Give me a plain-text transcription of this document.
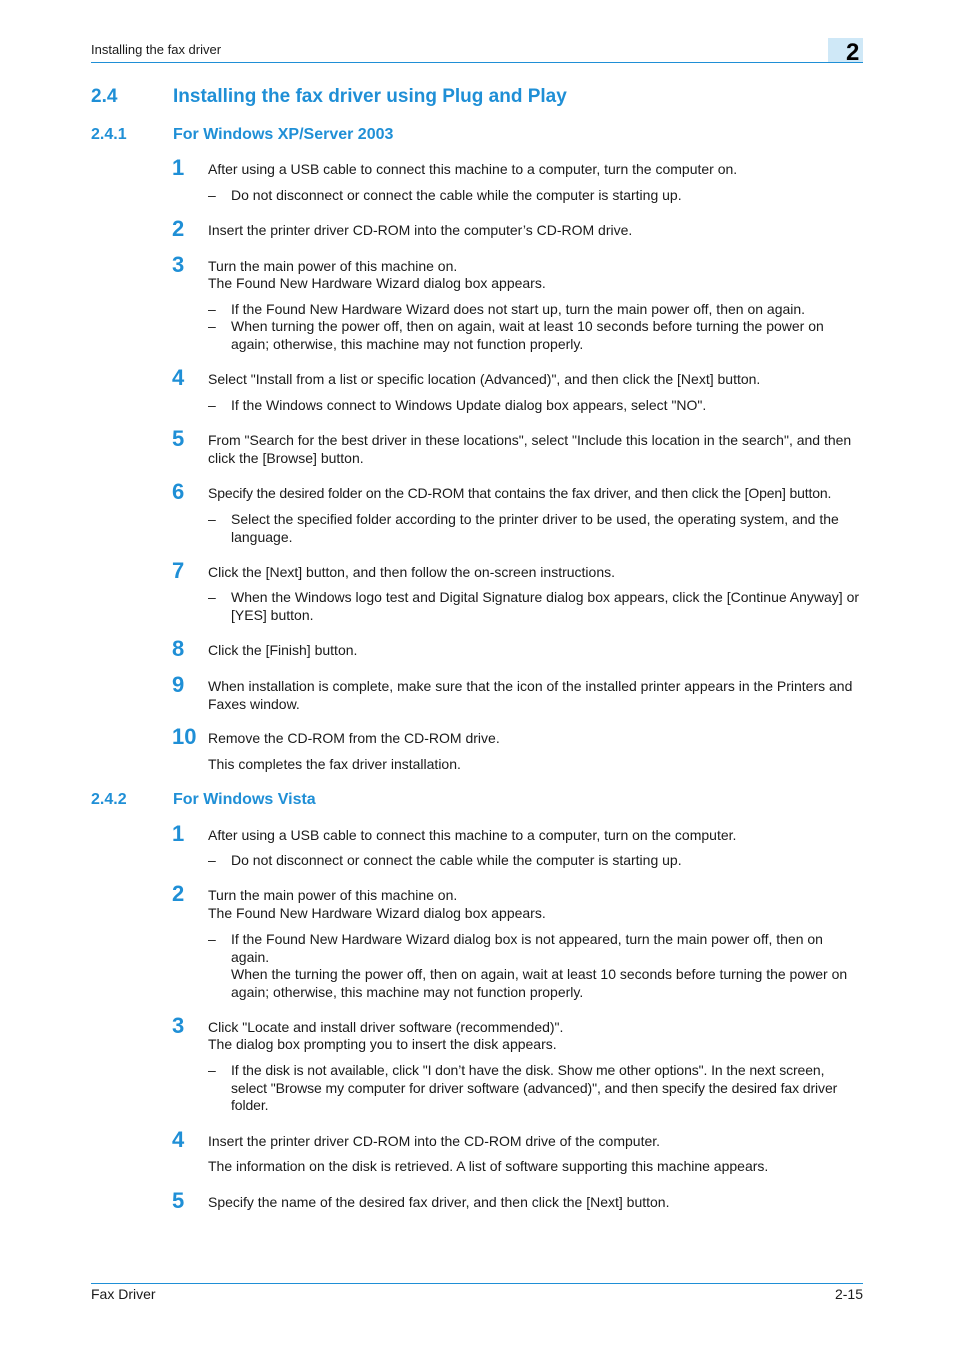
Installing the fax driver	2
2.4	Installing the fax driver using Plug and Play
2.4.1	For Windows XP/Server 2003
1 After using a USB cable to connect this machine to a computer, turn the computer on.
– Do not disconnect or connect the cable while the computer is starting up.
2 Insert the printer driver CD-ROM into the computer’s CD-ROM drive.
3 Turn the main power of this machine on.
The Found New Hardware Wizard dialog box appears.
– If the Found New Hardware Wizard does not start up, turn the main power off, then on again.
– When turning the power off, then on again, wait at least 10 seconds before turning the power on again; otherwise, this machine may not function properly.
4 Select "Install from a list or specific location (Advanced)", and then click the [Next] button.
– If the Windows connect to Windows Update dialog box appears, select "NO".
5 From "Search for the best driver in these locations", select "Include this location in the search", and then click the [Browse] button.
6 Specify the desired folder on the CD-ROM that contains the fax driver, and then click the [Open] button.
– Select the specified folder according to the printer driver to be used, the operating system, and the language.
7 Click the [Next] button, and then follow the on-screen instructions.
– When the Windows logo test and Digital Signature dialog box appears, click the [Continue Anyway] or [YES] button.
8 Click the [Finish] button.
9 When installation is complete, make sure that the icon of the installed printer appears in the Printers and Faxes window.
10 Remove the CD-ROM from the CD-ROM drive.
This completes the fax driver installation.
2.4.2	For Windows Vista
1 After using a USB cable to connect this machine to a computer, turn on the computer.
– Do not disconnect or connect the cable while the computer is starting up.
2 Turn the main power of this machine on.
The Found New Hardware Wizard dialog box appears.
– If the Found New Hardware Wizard dialog box is not appeared, turn the main power off, then on again.
When the turning the power off, then on again, wait at least 10 seconds before turning the power on again; otherwise, this machine may not function properly.
3 Click "Locate and install driver software (recommended)".
The dialog box prompting you to insert the disk appears.
– If the disk is not available, click "I don’t have the disk. Show me other options". In the next screen, select "Browse my computer for driver software (advanced)", and then specify the desired fax driver folder.
4 Insert the printer driver CD-ROM into the CD-ROM drive of the computer.
The information on the disk is retrieved. A list of software supporting this machine appears.
5 Specify the name of the desired fax driver, and then click the [Next] button.
Fax Driver	2-15
